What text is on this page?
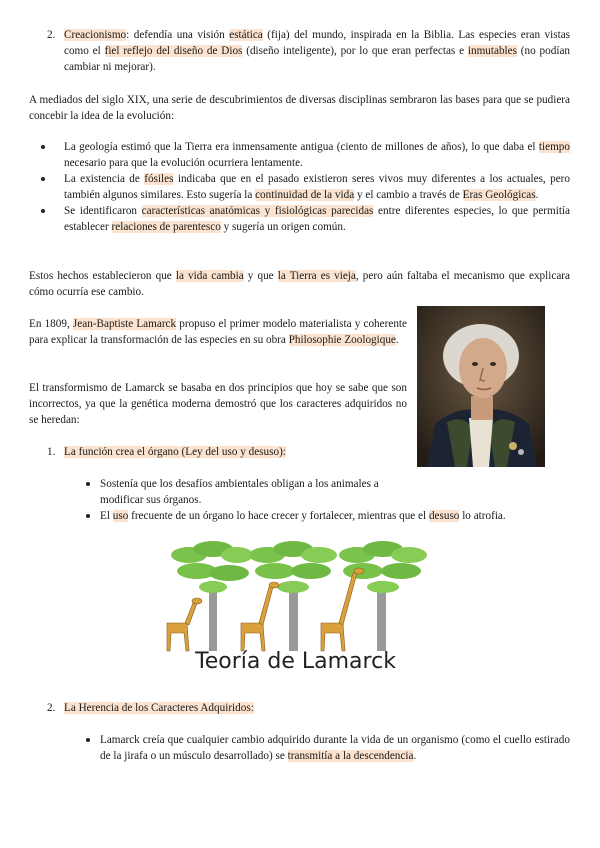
2. Creacionismo: defendía una visión estática (fija) del mundo, inspirada en la Biblia. Las especies eran vistas como el fiel reflejo del diseño de Dios (diseño inteligente), por lo que eran perfectas e inmutables (no podían cambiar ni mejorar).

A mediados del siglo XIX, una serie de descubrimientos de diversas disciplinas sembraron las bases para que se pudiera concebir la idea de la evolución:

La geología estimó que la Tierra era inmensamente antigua (ciento de millones de años), lo que daba el tiempo necesario para que la evolución ocurriera lentamente.
La existencia de fósiles indicaba que en el pasado existieron seres vivos muy diferentes a los actuales, pero también algunos similares. Esto sugería la continuidad de la vida y el cambio a través de Eras Geológicas.
Se identificaron características anatómicas y fisiológicas parecidas entre diferentes especies, lo que permitía establecer relaciones de parentesco y sugería un origen común.

Estos hechos establecieron que la vida cambia y que la Tierra es vieja, pero aún faltaba el mecanismo que explicara cómo ocurría ese cambio.

En 1809, Jean-Baptiste Lamarck propuso el primer modelo materialista y coherente para explicar la transformación de las especies en su obra Philosophie Zoologique.

El transformismo de Lamarck se basaba en dos principios que hoy se sabe que son incorrectos, ya que la genética moderna demostró que los caracteres adquiridos no se heredan:

1. La función crea el órgano (Ley del uso y desuso):
Sostenía que los desafíos ambientales obligan a los animales a modificar sus órganos.
El uso frecuente de un órgano lo hace crecer y fortalecer, mientras que el desuso lo atrofia.
Teoría de Lamarck
2. La Herencia de los Caracteres Adquiridos:
Lamarck creía que cualquier cambio adquirido durante la vida de un organismo (como el cuello estirado de la jirafa o un músculo desarrollado) se transmitía a la descendencia.
